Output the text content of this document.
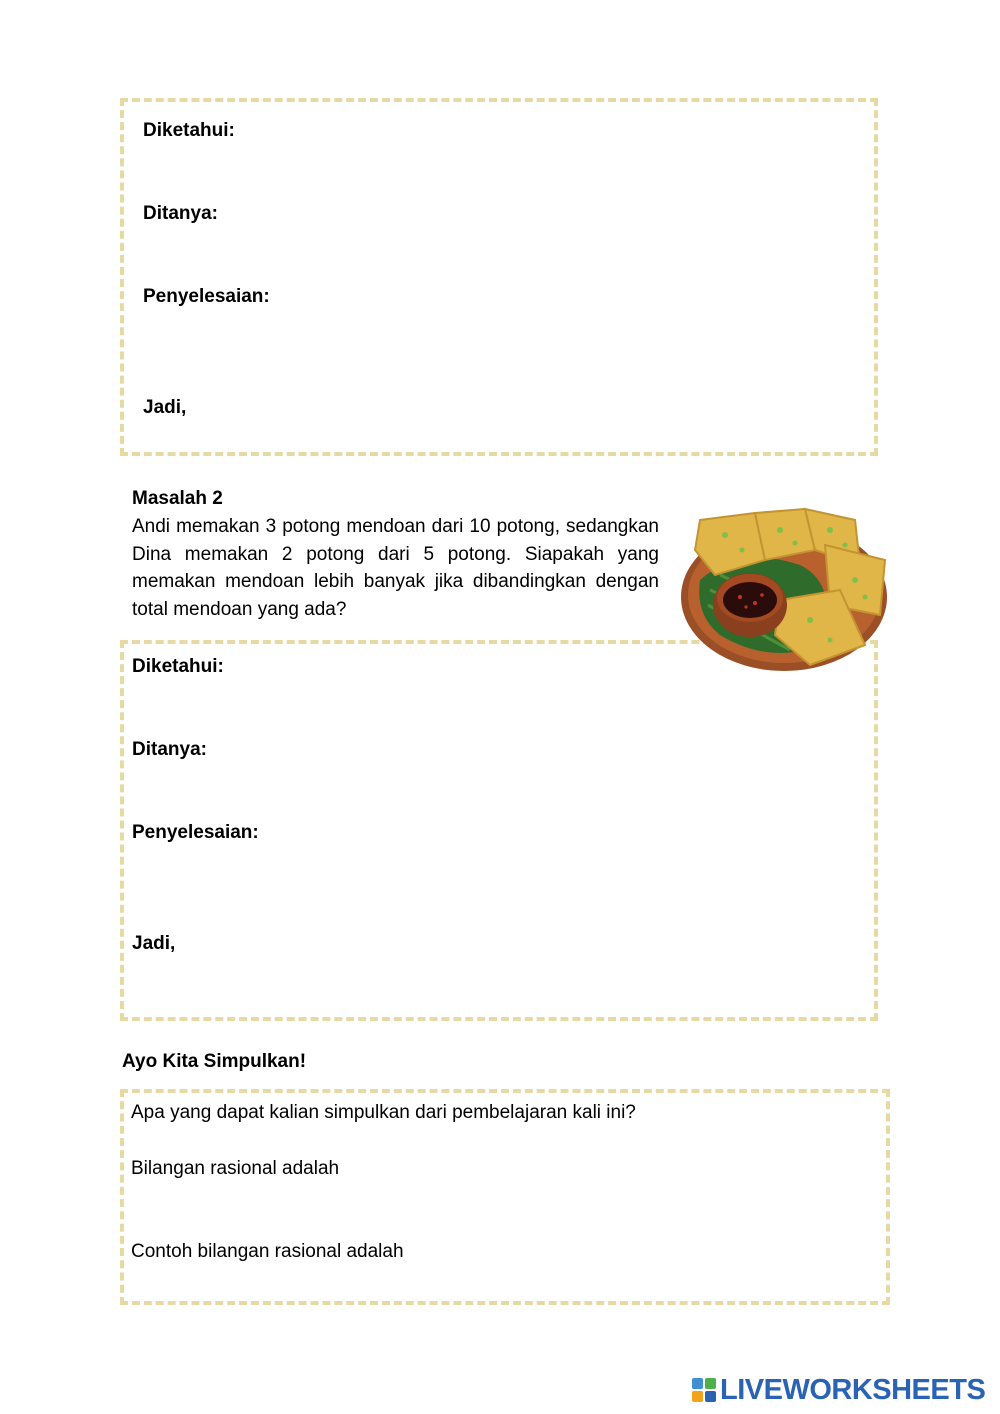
Diketahui:

Ditanya:

Penyelesaian:

Jadi,

Masalah 2
Andi memakan 3 potong mendoan dari 10 potong, sedangkan Dina memakan 2 potong dari 5 potong. Siapakah yang memakan mendoan lebih banyak jika dibandingkan dengan total mendoan yang ada?

Diketahui:

Ditanya:

Penyelesaian:

Jadi,

Ayo Kita Simpulkan!

Apa yang dapat kalian simpulkan dari pembelajaran kali ini?

Bilangan rasional adalah

Contoh bilangan rasional adalah

LIVEWORKSHEETS
